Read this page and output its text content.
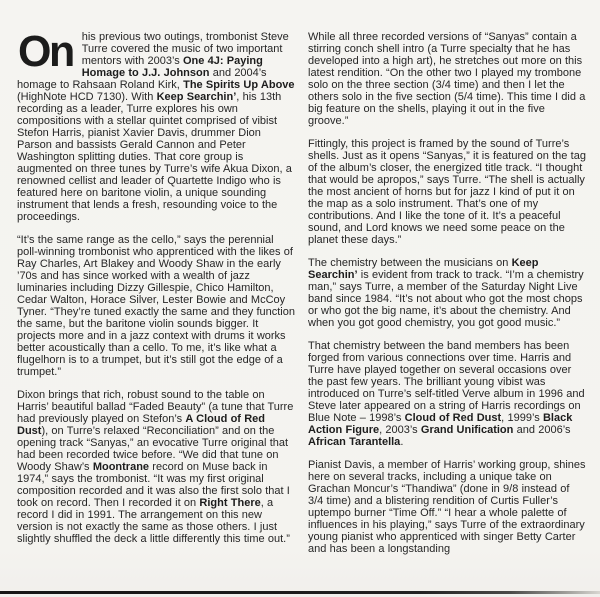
On his previous two outings, trombonist Steve Turre covered the music of two important mentors with 2003’s One 4J: Paying Homage to J.J. Johnson and 2004’s homage to Rahsaan Roland Kirk, The Spirits Up Above (HighNote HCD 7130). With Keep Searchin’, his 13th recording as a leader, Turre explores his own compositions with a stellar quintet comprised of vibist Stefon Harris, pianist Xavier Davis, drummer Dion Parson and bassists Gerald Cannon and Peter Washington splitting duties. That core group is augmented on three tunes by Turre’s wife Akua Dixon, a renowned cellist and leader of Quartette Indigo who is featured here on baritone violin, a unique sounding instrument that lends a fresh, resounding voice to the proceedings.

“It’s the same range as the cello,” says the perennial poll-winning trombonist who apprenticed with the likes of Ray Charles, Art Blakey and Woody Shaw in the early ’70s and has since worked with a wealth of jazz luminaries including Dizzy Gillespie, Chico Hamilton, Cedar Walton, Horace Silver, Lester Bowie and McCoy Tyner. “They’re tuned exactly the same and they function the same, but the baritone violin sounds bigger. It projects more and in a jazz context with drums it works better acoustically than a cello. To me, it’s like what a flugelhorn is to a trumpet, but it’s still got the edge of a trumpet.”

Dixon brings that rich, robust sound to the table on Harris’ beautiful ballad “Faded Beauty” (a tune that Turre had previously played on Stefon’s A Cloud of Red Dust), on Turre’s relaxed “Reconciliation” and on the opening track “Sanyas,” an evocative Turre original that had been recorded twice before. “We did that tune on Woody Shaw’s Moontrane record on Muse back in 1974,” says the trombonist. “It was my first original composition recorded and it was also the first solo that I took on record. Then I recorded it on Right There, a record I did in 1991. The arrangement on this new version is not exactly the same as those others. I just slightly shuffled the deck a little differently this time out.”

While all three recorded versions of “Sanyas” contain a stirring conch shell intro (a Turre specialty that he has developed into a high art), he stretches out more on this latest rendition. “On the other two I played my trombone solo on the three section (3/4 time) and then I let the others solo in the five section (5/4 time). This time I did a big feature on the shells, playing it out in the five groove.”

Fittingly, this project is framed by the sound of Turre’s shells. Just as it opens “Sanyas,” it is featured on the tag of the album’s closer, the energized title track. “I thought that would be apropos,” says Turre. “The shell is actually the most ancient of horns but for jazz I kind of put it on the map as a solo instrument. That’s one of my contributions. And I like the tone of it. It’s a peaceful sound, and Lord knows we need some peace on the planet these days.”

The chemistry between the musicians on Keep Searchin’ is evident from track to track. “I’m a chemistry man,” says Turre, a member of the Saturday Night Live band since 1984. “It’s not about who got the most chops or who got the big name, it’s about the chemistry. And when you got good chemistry, you got good music.”

That chemistry between the band members has been forged from various connections over time. Harris and Turre have played together on several occasions over the past few years. The brilliant young vibist was introduced on Turre’s self-titled Verve album in 1996 and Steve later appeared on a string of Harris recordings on Blue Note – 1998’s Cloud of Red Dust, 1999’s Black Action Figure, 2003’s Grand Unification and 2006’s African Tarantella.

Pianist Davis, a member of Harris’ working group, shines here on several tracks, including a unique take on Grachan Moncur’s “Thandiwa” (done in 9/8 instead of 3/4 time) and a blistering rendition of Curtis Fuller’s uptempo burner “Time Off.” “I hear a whole palette of influences in his playing,” says Turre of the extraordinary young pianist who apprenticed with singer Betty Carter and has been a longstanding
